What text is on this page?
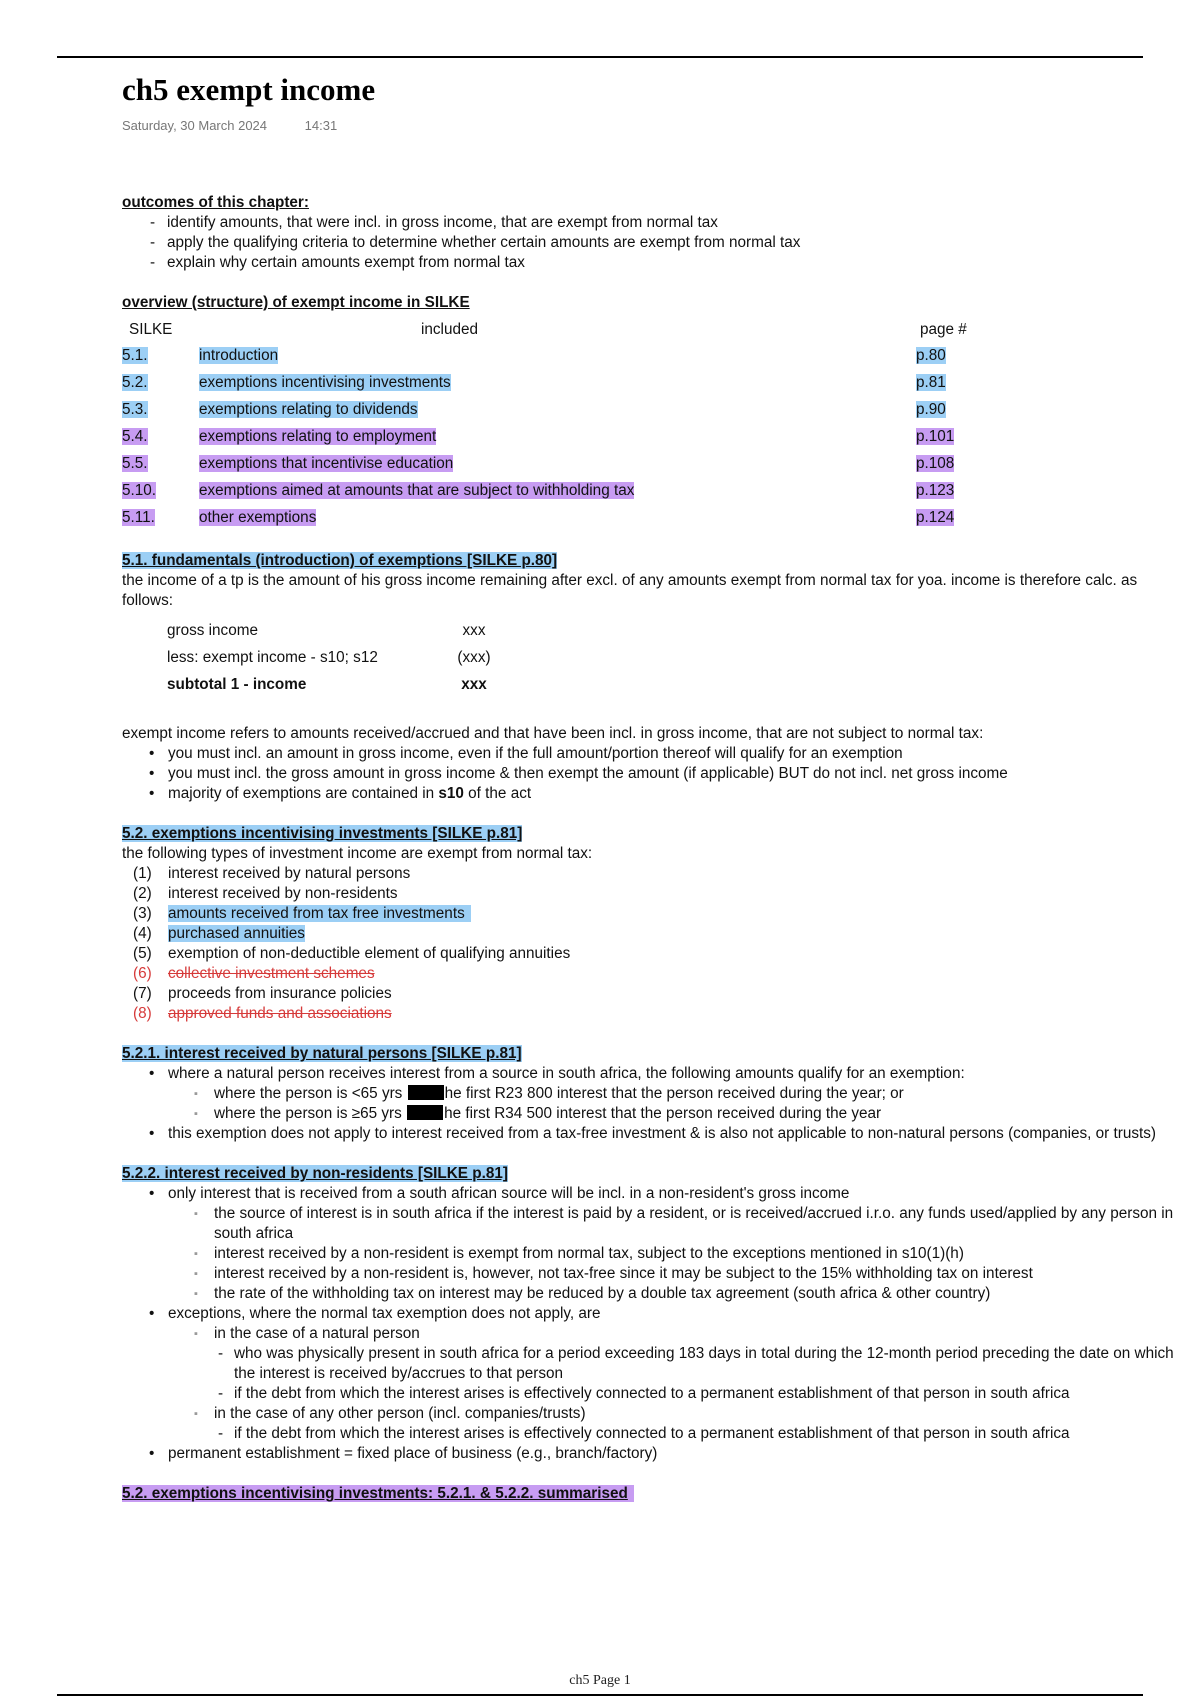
ch5 exempt income
Saturday, 30 March 2024	14:31
outcomes of this chapter:
- identify amounts, that were incl. in gross income, that are exempt from normal tax
- apply the qualifying criteria to determine whether certain amounts are exempt from normal tax
- explain why certain amounts exempt from normal tax
overview (structure) of exempt income in SILKE
SILKE	included	page #
5.1.	introduction	p.80
5.2.	exemptions incentivising investments	p.81
5.3.	exemptions relating to dividends	p.90
5.4.	exemptions relating to employment	p.101
5.5.	exemptions that incentivise education	p.108
5.10.	exemptions aimed at amounts that are subject to withholding tax	p.123
5.11.	other exemptions	p.124
5.1. fundamentals (introduction) of exemptions [SILKE p.80]
the income of a tp is the amount of his gross income remaining after excl. of any amounts exempt from normal tax for yoa. income is therefore calc. as follows:
gross income	xxx
less: exempt income - s10; s12	(xxx)
subtotal 1 - income	xxx
exempt income refers to amounts received/accrued and that have been incl. in gross income, that are not subject to normal tax:
• you must incl. an amount in gross income, even if the full amount/portion thereof will qualify for an exemption
• you must incl. the gross amount in gross income & then exempt the amount (if applicable) BUT do not incl. net gross income
• majority of exemptions are contained in s10 of the act
5.2. exemptions incentivising investments [SILKE p.81]
the following types of investment income are exempt from normal tax:
(1) interest received by natural persons
(2) interest received by non-residents
(3) amounts received from tax free investments
(4) purchased annuities
(5) exemption of non-deductible element of qualifying annuities
(6) collective investment schemes
(7) proceeds from insurance policies
(8) approved funds and associations
5.2.1. interest received by natural persons [SILKE p.81]
• where a natural person receives interest from a source in south africa, the following amounts qualify for an exemption:
▪ where the person is <65 yrs	he first R23 800 interest that the person received during the year; or
▪ where the person is ≥65 yrs	he first R34 500 interest that the person received during the year
• this exemption does not apply to interest received from a tax-free investment & is also not applicable to non-natural persons (companies, or trusts)
5.2.2. interest received by non-residents [SILKE p.81]
• only interest that is received from a south african source will be incl. in a non-resident's gross income
▪ the source of interest is in south africa if the interest is paid by a resident, or is received/accrued i.r.o. any funds used/applied by any person in south africa
▪ interest received by a non-resident is exempt from normal tax, subject to the exceptions mentioned in s10(1)(h)
▪ interest received by a non-resident is, however, not tax-free since it may be subject to the 15% withholding tax on interest
▪ the rate of the withholding tax on interest may be reduced by a double tax agreement (south africa & other country)
• exceptions, where the normal tax exemption does not apply, are
▪ in the case of a natural person
- who was physically present in south africa for a period exceeding 183 days in total during the 12-month period preceding the date on which the interest is received by/accrues to that person
- if the debt from which the interest arises is effectively connected to a permanent establishment of that person in south africa
▪ in the case of any other person (incl. companies/trusts)
- if the debt from which the interest arises is effectively connected to a permanent establishment of that person in south africa
• permanent establishment = fixed place of business (e.g., branch/factory)
5.2. exemptions incentivising investments: 5.2.1. & 5.2.2. summarised
ch5 Page 1
